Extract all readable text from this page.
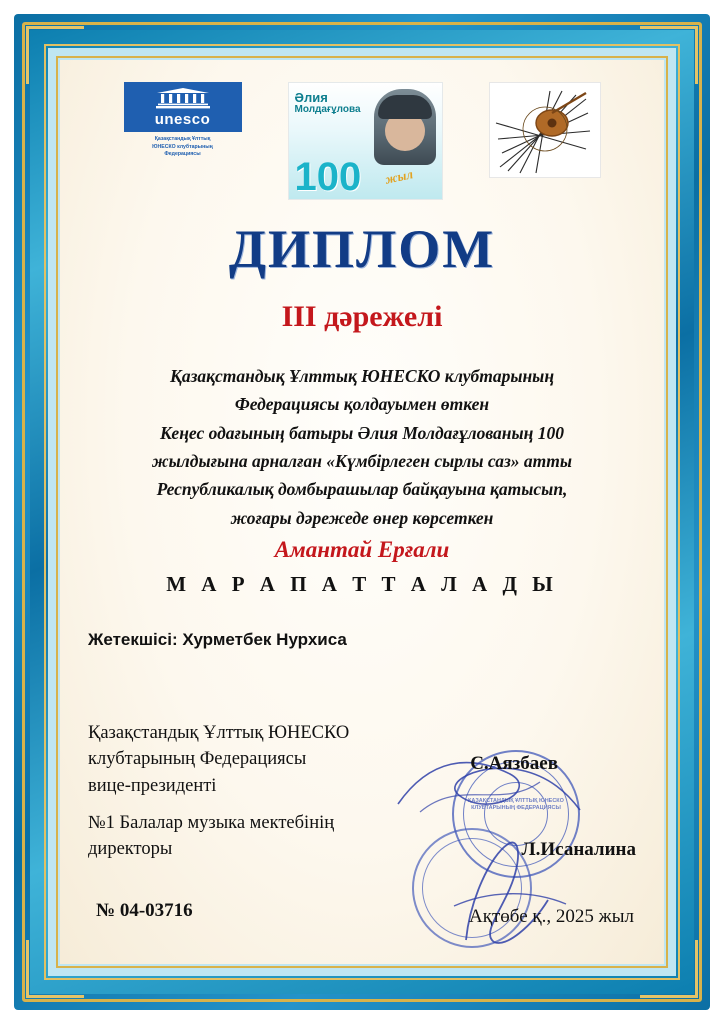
unesco
Қазақстандық Ұлттық
ЮНЕСКО клубтарының
Федерациясы
Әлия
Молдағұлова
100 жыл
ДИПЛОМ
III дәрежелі
Қазақстандық Ұлттық ЮНЕСКО клубтарының
Федерациясы қолдауымен өткен
Кеңес одағының батыры Әлия Молдағұлованың 100
жылдығына арналған «Күмбірлеген сырлы саз» атты
Республикалық домбырашылар байқауына қатысып,
жоғары дәрежеде өнер көрсеткен
Амантай Ерғали
М А Р А П А Т Т А Л А Д Ы
Жетекшісі: Хурметбек Нурхиса
ҚАЗАҚСТАНДЫҚ ҰЛТТЫҚ ЮНЕСКО КЛУБТАРЫНЫҢ ФЕДЕРАЦИЯСЫ
Қазақстандық Ұлттық ЮНЕСКО
клубтарының Федерациясы
вице-президенті
С.Аязбаев
№1 Балалар музыка мектебінің
директоры	Л.Исаналина
№ 04-03716	Ақтөбе қ., 2025 жыл
